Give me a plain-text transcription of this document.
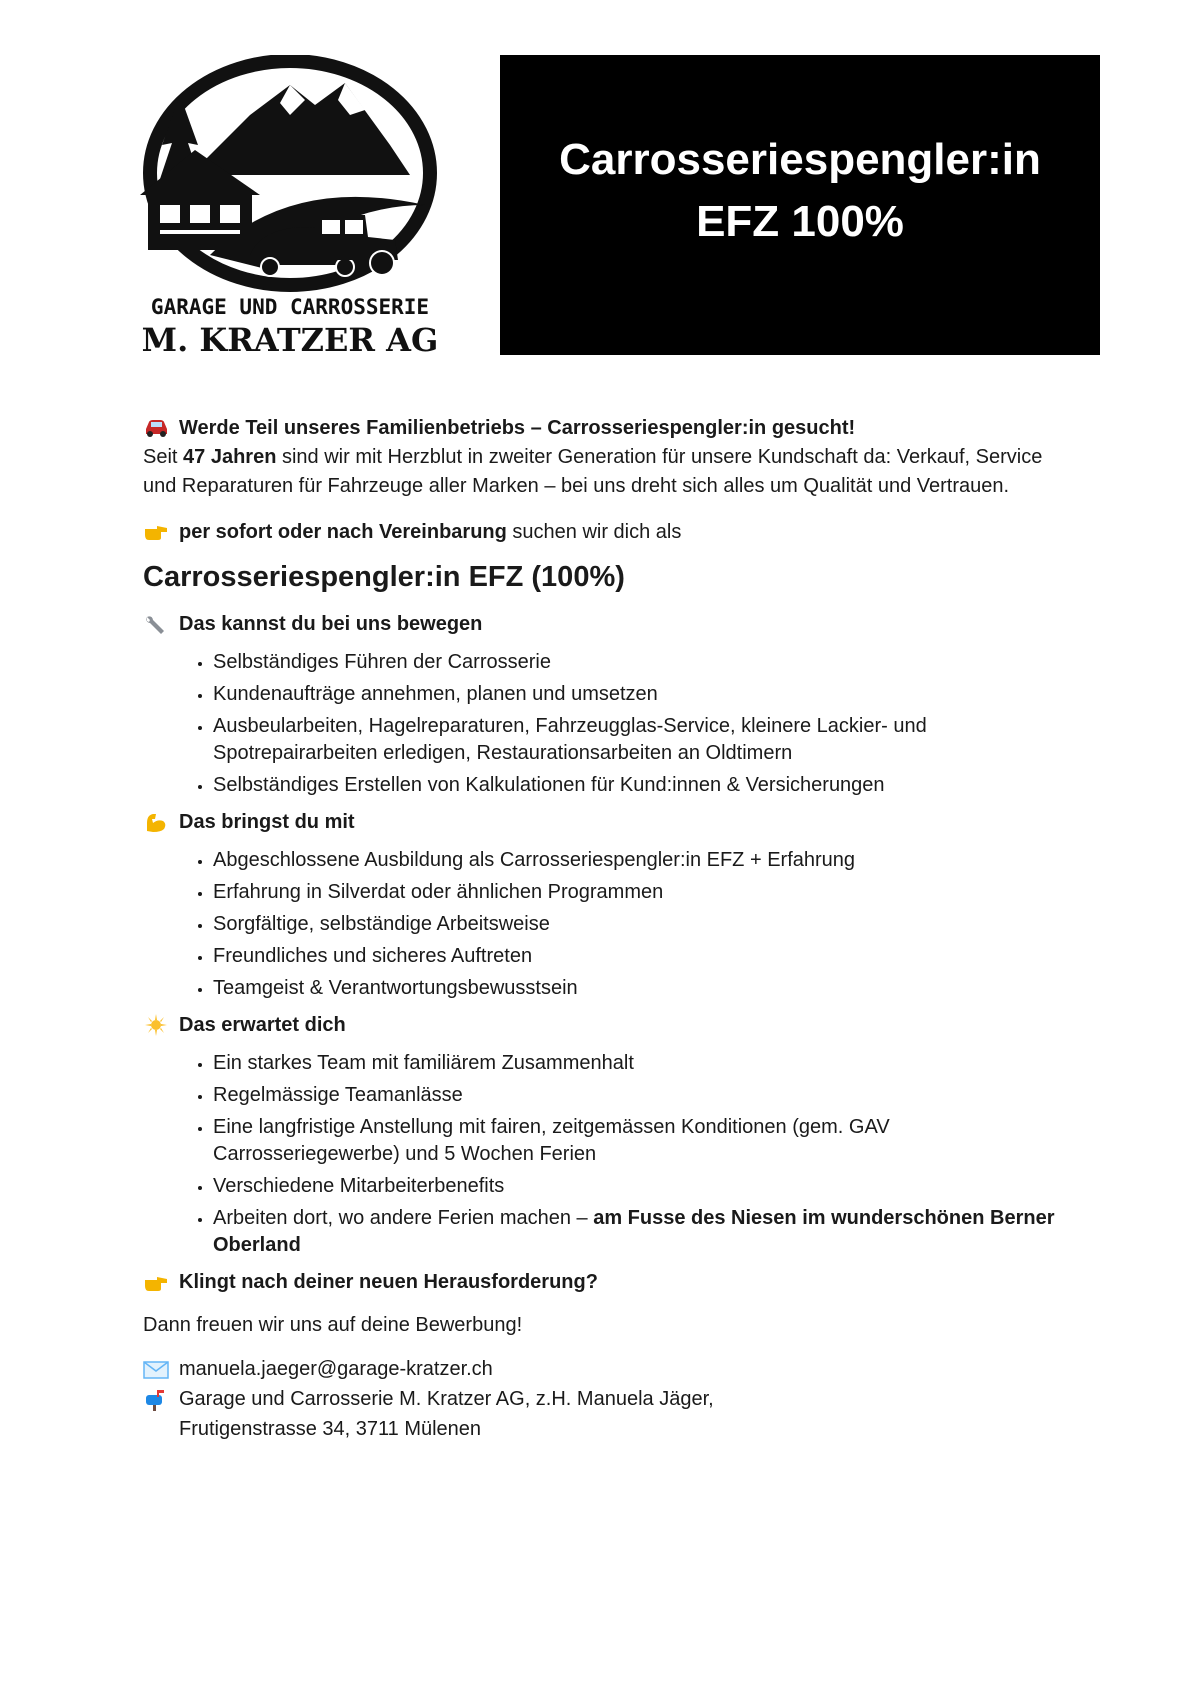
GARAGE UND CARROSSERIE
M. KRATZER AG
Carrosseriespengler:in
EFZ 100%

Werde Teil unseres Familienbetriebs – Carrosseriespengler:in gesucht!

Seit 47 Jahren sind wir mit Herzblut in zweiter Generation für unsere Kundschaft da: Verkauf, Service und Reparaturen für Fahrzeuge aller Marken – bei uns dreht sich alles um Qualität und Vertrauen.

per sofort oder nach Vereinbarung suchen wir dich als

Carrosseriespengler:in EFZ (100%)
Das kannst du bei uns bewegen
• Selbständiges Führen der Carrosserie
• Kundenaufträge annehmen, planen und umsetzen
• Ausbeularbeiten, Hagelreparaturen, Fahrzeugglas-Service, kleinere Lackier- und Spotrepairarbeiten erledigen, Restaurationsarbeiten an Oldtimern
• Selbständiges Erstellen von Kalkulationen für Kund:innen & Versicherungen
Das bringst du mit
• Abgeschlossene Ausbildung als Carrosseriespengler:in EFZ + Erfahrung
• Erfahrung in Silverdat oder ähnlichen Programmen
• Sorgfältige, selbständige Arbeitsweise
• Freundliches und sicheres Auftreten
• Teamgeist & Verantwortungsbewusstsein
Das erwartet dich
• Ein starkes Team mit familiärem Zusammenhalt
• Regelmässige Teamanlässe
• Eine langfristige Anstellung mit fairen, zeitgemässen Konditionen (gem. GAV Carrosseriegewerbe) und 5 Wochen Ferien
• Verschiedene Mitarbeiterbenefits
• Arbeiten dort, wo andere Ferien machen – am Fusse des Niesen im wunderschönen Berner Oberland
Klingt nach deiner neuen Herausforderung?

Dann freuen wir uns auf deine Bewerbung!

manuela.jaeger@garage-kratzer.ch
Garage und Carrosserie M. Kratzer AG, z.H. Manuela Jäger,
Frutigenstrasse 34, 3711 Mülenen
